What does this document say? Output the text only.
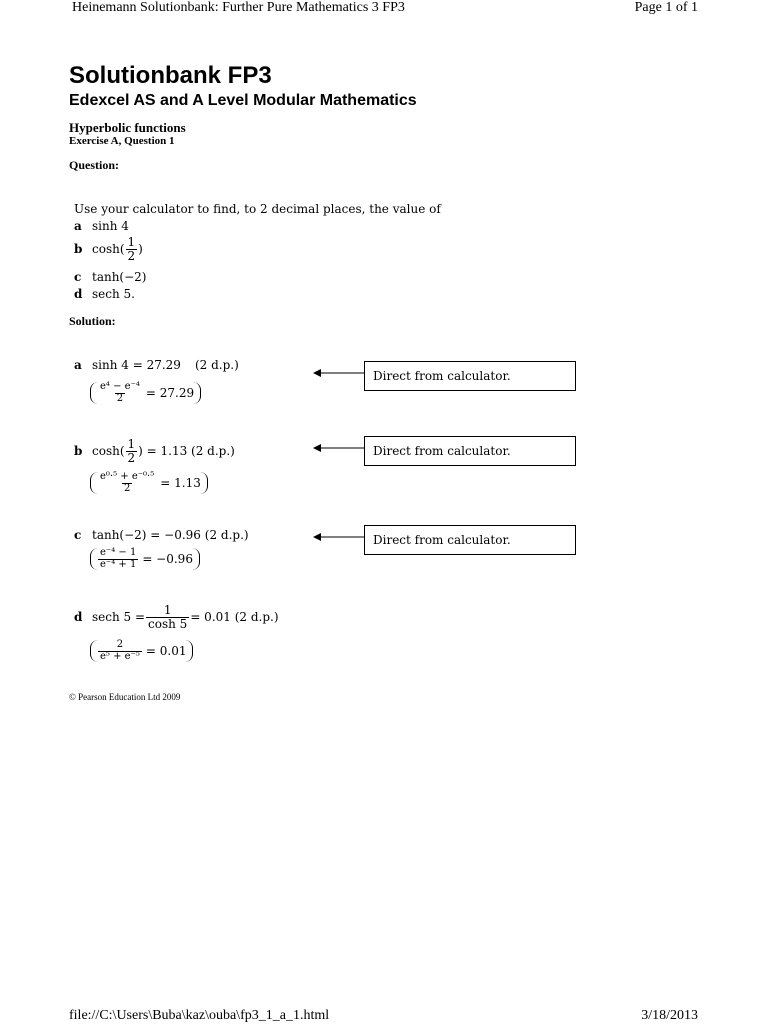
Heinemann Solutionbank: Further Pure Mathematics 3 FP3	Page 1 of 1
Solutionbank FP3
Edexcel AS and A Level Modular Mathematics
Hyperbolic functions
Exercise A, Question 1
Question:
Use your calculator to find, to 2 decimal places, the value of
a sinh 4
b cosh ( $\frac{1}{2}$ )
c tanh(−2)
d sech 5.
Solution:
a sinh 4 = 27.29 (2 d.p.)
$\frac{\text{e⁴ − e⁻⁴}}{2} = 27.29$
b $\cosh( \frac{1}{2}$ ) = 1.13 (2 d.p.)
$\frac{\text{e⁰·⁵ + e⁻⁰·⁵}}{2} = 1.13$
c tanh(−2) = −0.96 (2 d.p.)
$\frac{\text{e⁻⁴ − 1}}{\text{e⁻⁴ + 1}} = -0.96$
d sech $5 = \frac{1}{\cosh 5} = 0.01$ (2 d.p.)
$\frac{2}{\text{e⁵ + e⁻⁵}} = 0.01$
Direct from calculator.
Direct from calculator.
Direct from calculator.
© Pearson Education Ltd 2009
file://C:\Users\Buba\kaz\ouba\fp3_1_a_1.html	3/18/2013
